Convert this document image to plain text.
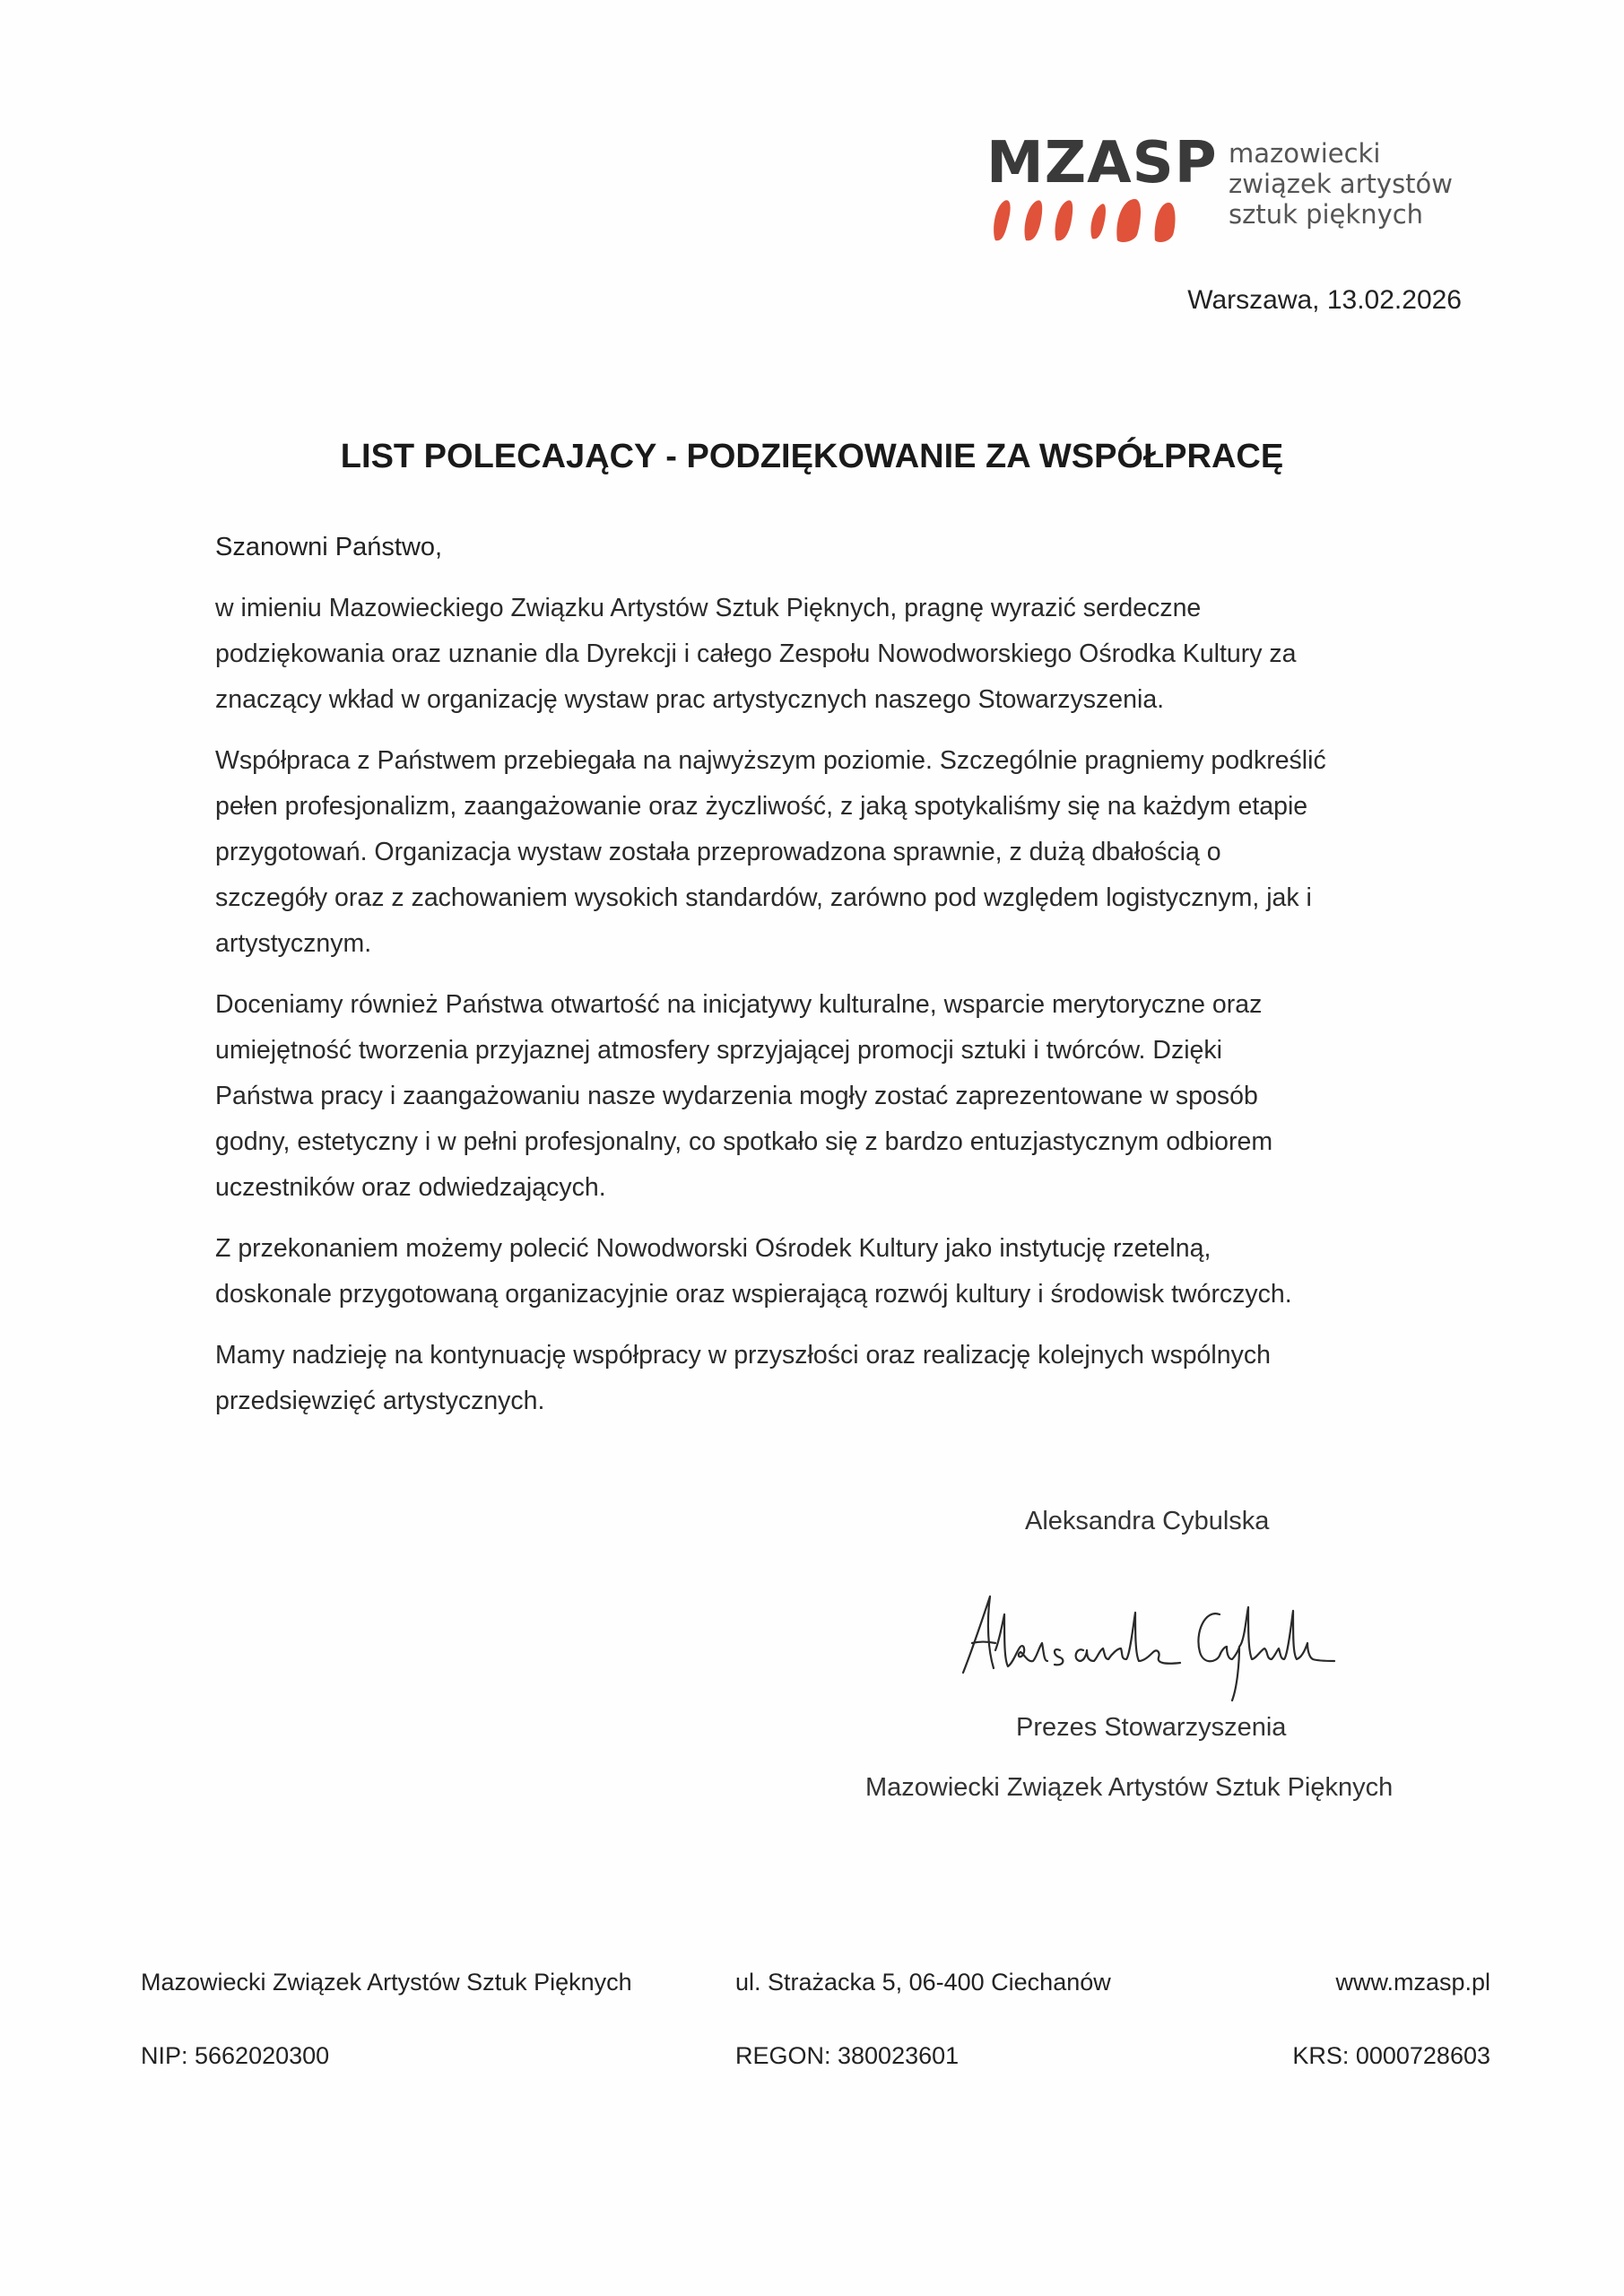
MZASP mazowiecki
związek artystów
sztuk pięknych
Warszawa, 13.02.2026
LIST POLECAJĄCY - PODZIĘKOWANIE ZA WSPÓŁPRACĘ
Szanowni Państwo,
w imieniu Mazowieckiego Związku Artystów Sztuk Pięknych, pragnę wyrazić serdeczne
podziękowania oraz uznanie dla Dyrekcji i całego Zespołu Nowodworskiego Ośrodka Kultury za
znaczący wkład w organizację wystaw prac artystycznych naszego Stowarzyszenia.
Współpraca z Państwem przebiegała na najwyższym poziomie. Szczególnie pragniemy podkreślić
pełen profesjonalizm, zaangażowanie oraz życzliwość, z jaką spotykaliśmy się na każdym etapie
przygotowań. Organizacja wystaw została przeprowadzona sprawnie, z dużą dbałością o
szczegóły oraz z zachowaniem wysokich standardów, zarówno pod względem logistycznym, jak i
artystycznym.
Doceniamy również Państwa otwartość na inicjatywy kulturalne, wsparcie merytoryczne oraz
umiejętność tworzenia przyjaznej atmosfery sprzyjającej promocji sztuki i twórców. Dzięki
Państwa pracy i zaangażowaniu nasze wydarzenia mogły zostać zaprezentowane w sposób
godny, estetyczny i w pełni profesjonalny, co spotkało się z bardzo entuzjastycznym odbiorem
uczestników oraz odwiedzających.
Z przekonaniem możemy polecić Nowodworski Ośrodek Kultury jako instytucję rzetelną,
doskonale przygotowaną organizacyjnie oraz wspierającą rozwój kultury i środowisk twórczych.
Mamy nadzieję na kontynuację współpracy w przyszłości oraz realizację kolejnych wspólnych
przedsięwzięć artystycznych.
Aleksandra Cybulska
Prezes Stowarzyszenia
Mazowiecki Związek Artystów Sztuk Pięknych
Mazowiecki Związek Artystów Sztuk Pięknych	ul. Strażacka 5, 06-400 Ciechanów	www.mzasp.pl
NIP: 5662020300	REGON: 380023601	KRS: 0000728603
